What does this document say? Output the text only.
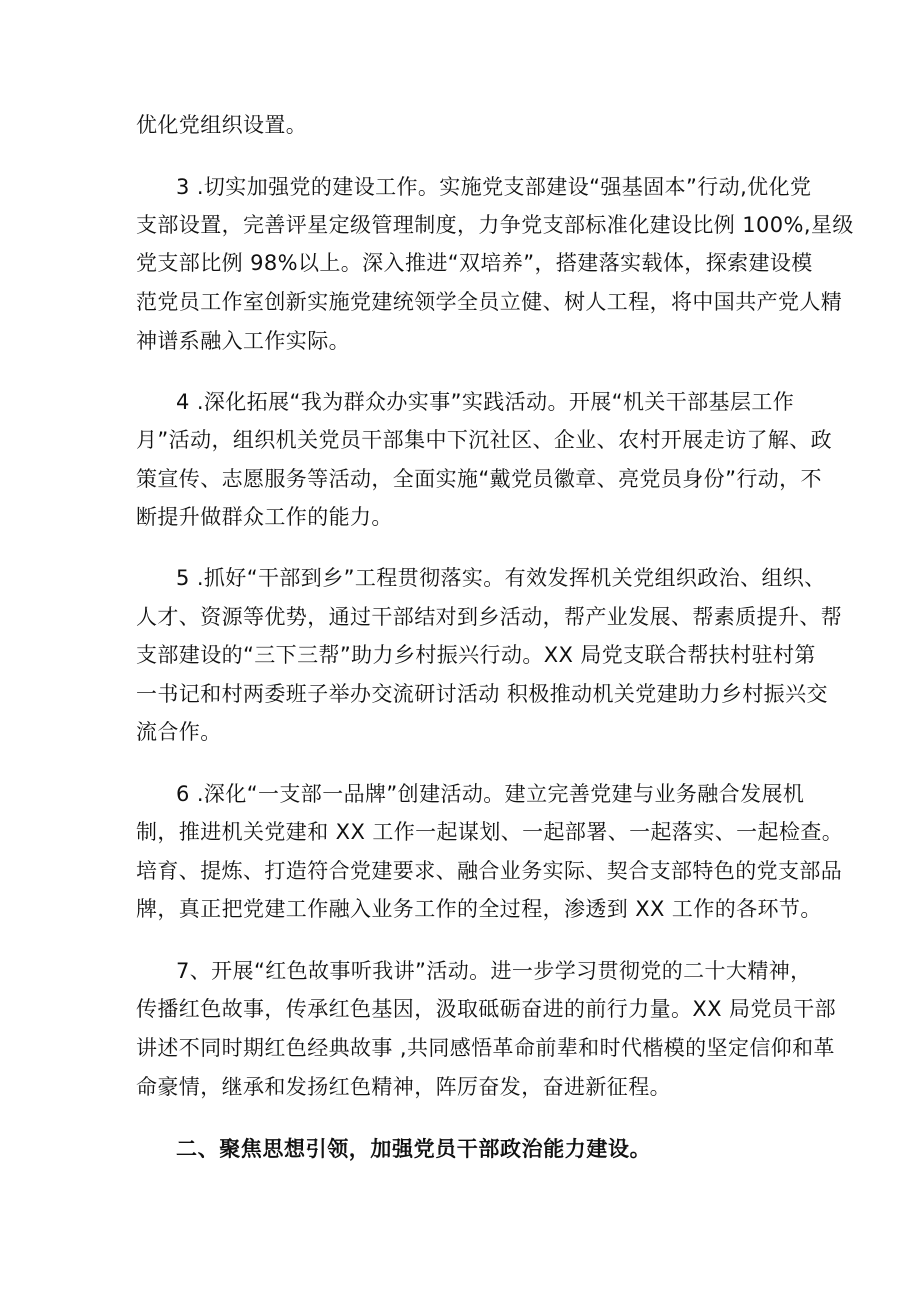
优化党组织设置。
3 .切实加强党的建设工作。实施党支部建设“强基固本”行动,优化党
支部设置，完善评星定级管理制度，力争党支部标准化建设比例 100%,星级
党支部比例 98%以上。深入推进“双培养”，搭建落实载体，探索建设模
范党员工作室创新实施党建统领学全员立健、树人工程，将中国共产党人精
神谱系融入工作实际。
4 .深化拓展“我为群众办实事”实践活动。开展“机关干部基层工作
月”活动，组织机关党员干部集中下沉社区、企业、农村开展走访了解、政
策宣传、志愿服务等活动，全面实施“戴党员徽章、亮党员身份”行动，不
断提升做群众工作的能力。
5 .抓好“干部到乡”工程贯彻落实。有效发挥机关党组织政治、组织、
人才、资源等优势，通过干部结对到乡活动，帮产业发展、帮素质提升、帮
支部建设的“三下三帮”助力乡村振兴行动。XX 局党支联合帮扶村驻村第
一书记和村两委班子举办交流研讨活动 积极推动机关党建助力乡村振兴交
流合作。
6 .深化“一支部一品牌”创建活动。建立完善党建与业务融合发展机
制，推进机关党建和 XX 工作一起谋划、一起部署、一起落实、一起检查。
培育、提炼、打造符合党建要求、融合业务实际、契合支部特色的党支部品
牌，真正把党建工作融入业务工作的全过程，渗透到 XX 工作的各环节。
7、开展“红色故事听我讲”活动。进一步学习贯彻党的二十大精神，
传播红色故事，传承红色基因，汲取砥砺奋进的前行力量。XX 局党员干部
讲述不同时期红色经典故事 ,共同感悟革命前辈和时代楷模的坚定信仰和革
命豪情，继承和发扬红色精神，阵厉奋发，奋进新征程。
二、聚焦思想引领，加强党员干部政治能力建设。
